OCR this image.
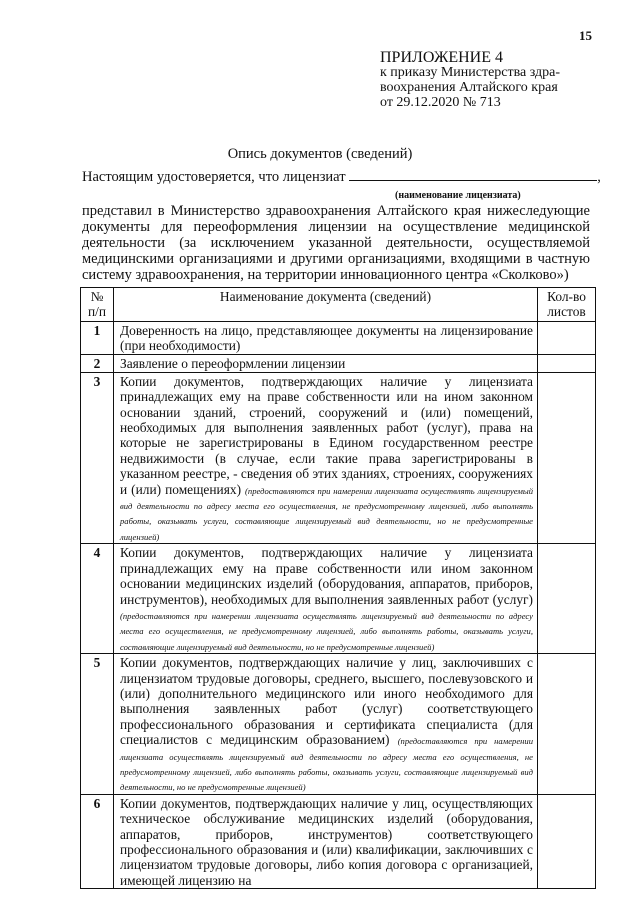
15
ПРИЛОЖЕНИЕ 4
к приказу Министерства здра-
воохранения Алтайского края
от 29.12.2020 № 713
Опись документов (сведений)
Настоящим удостоверяется, что лицензиат	,
(наименование лицензиата)
представил в Министерство здравоохранения Алтайского края нижеследующие документы для переоформления лицензии на осуществление медицинской деятельности (за исключением указанной деятельности, осуществляемой медицинскими организациями и другими организациями, входящими в частную систему здравоохранения, на территории инновационного центра «Сколково»)
№ п/п	Наименование документа (сведений)	Кол-во листов
1	Доверенность на лицо, представляющее документы на лицензирование (при необходимости)	
2	Заявление о переоформлении лицензии	
3	Копии документов, подтверждающих наличие у лицензиата принадлежащих ему на праве собственности или на ином законном основании зданий, строений, сооружений и (или) помещений, необходимых для выполнения заявленных работ (услуг), права на которые не зарегистрированы в Едином государственном реестре недвижимости (в случае, если такие права зарегистрированы в указанном реестре, - сведения об этих зданиях, строениях, сооружениях и (или) помещениях) (предоставляются при намерении лицензиата осуществлять лицензируемый вид деятельности по адресу места его осуществления, не предусмотренному лицензией, либо выполнять работы, оказывать услуги, составляющие лицензируемый вид деятельности, но не предусмотренные лицензией)	
4	Копии документов, подтверждающих наличие у лицензиата принадлежащих ему на праве собственности или ином законном основании медицинских изделий (оборудования, аппаратов, приборов, инструментов), необходимых для выполнения заявленных работ (услуг) (предоставляются при намерении лицензиата осуществлять лицензируемый вид деятельности по адресу места его осуществления, не предусмотренному лицензией, либо выполнять работы, оказывать услуги, составляющие лицензируемый вид деятельности, но не предусмотренные лицензией)	
5	Копии документов, подтверждающих наличие у лиц, заключивших с лицензиатом трудовые договоры, среднего, высшего, послевузовского и (или) дополнительного медицинского или иного необходимого для выполнения заявленных работ (услуг) соответствующего профессионального образования и сертификата специалиста (для специалистов с медицинским образованием) (предоставляются при намерении лицензиата осуществлять лицензируемый вид деятельности по адресу места его осуществления, не предусмотренному лицензией, либо выполнять работы, оказывать услуги, составляющие лицензируемый вид деятельности, но не предусмотренные лицензией)	
6	Копии документов, подтверждающих наличие у лиц, осуществляющих техническое обслуживание медицинских изделий (оборудования, аппаратов, приборов, инструментов) соответствующего профессионального образования и (или) квалификации, заключивших с лицензиатом трудовые договоры, либо копия договора с организацией, имеющей лицензию на	
